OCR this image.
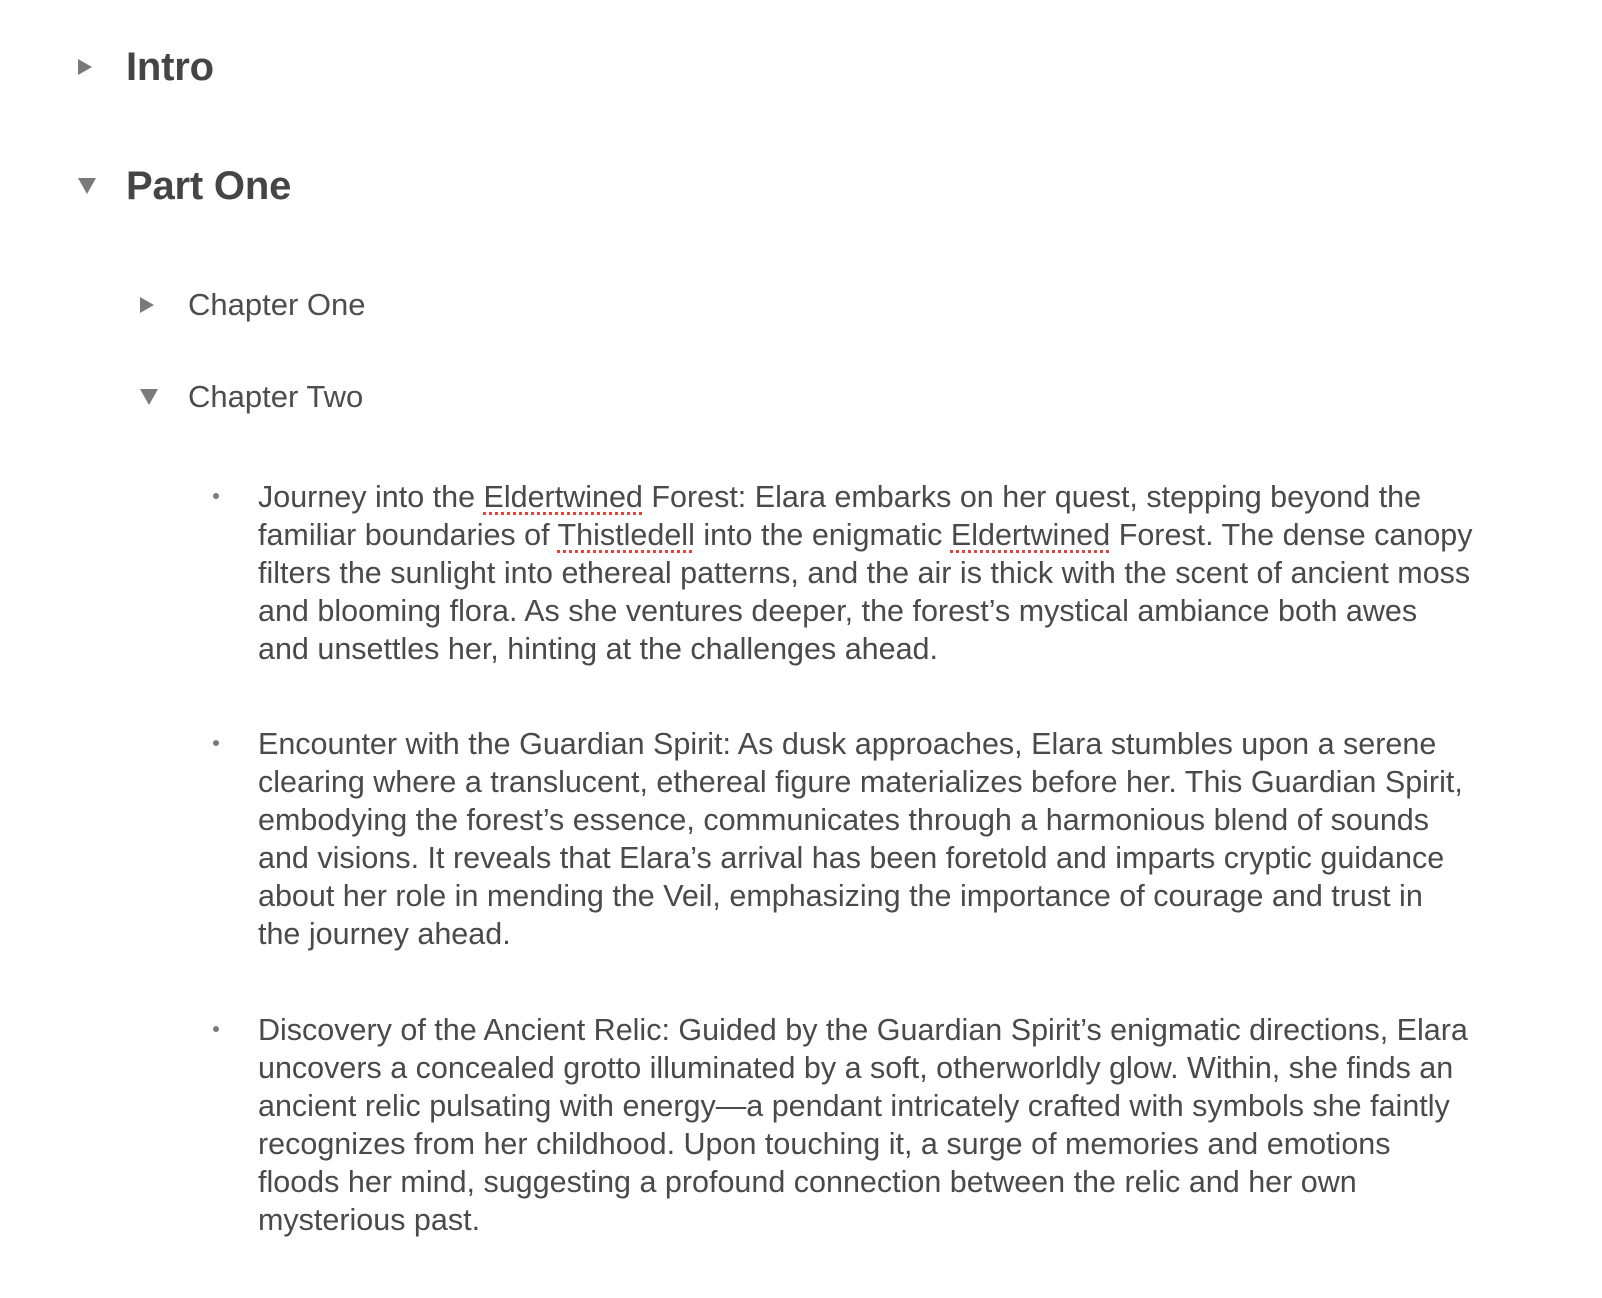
Intro
Part One
Chapter One
Chapter Two

Journey into the Eldertwined Forest: Elara embarks on her quest, stepping beyond the familiar boundaries of Thistledell into the enigmatic Eldertwined Forest. The dense canopy filters the sunlight into ethereal patterns, and the air is thick with the scent of ancient moss and blooming flora. As she ventures deeper, the forest’s mystical ambiance both awes and unsettles her, hinting at the challenges ahead.

Encounter with the Guardian Spirit: As dusk approaches, Elara stumbles upon a serene clearing where a translucent, ethereal figure materializes before her. This Guardian Spirit, embodying the forest’s essence, communicates through a harmonious blend of sounds and visions. It reveals that Elara’s arrival has been foretold and imparts cryptic guidance about her role in mending the Veil, emphasizing the importance of courage and trust in the journey ahead.

Discovery of the Ancient Relic: Guided by the Guardian Spirit’s enigmatic directions, Elara uncovers a concealed grotto illuminated by a soft, otherworldly glow. Within, she finds an ancient relic pulsating with energy—a pendant intricately crafted with symbols she faintly recognizes from her childhood. Upon touching it, a surge of memories and emotions floods her mind, suggesting a profound connection between the relic and her own mysterious past.
